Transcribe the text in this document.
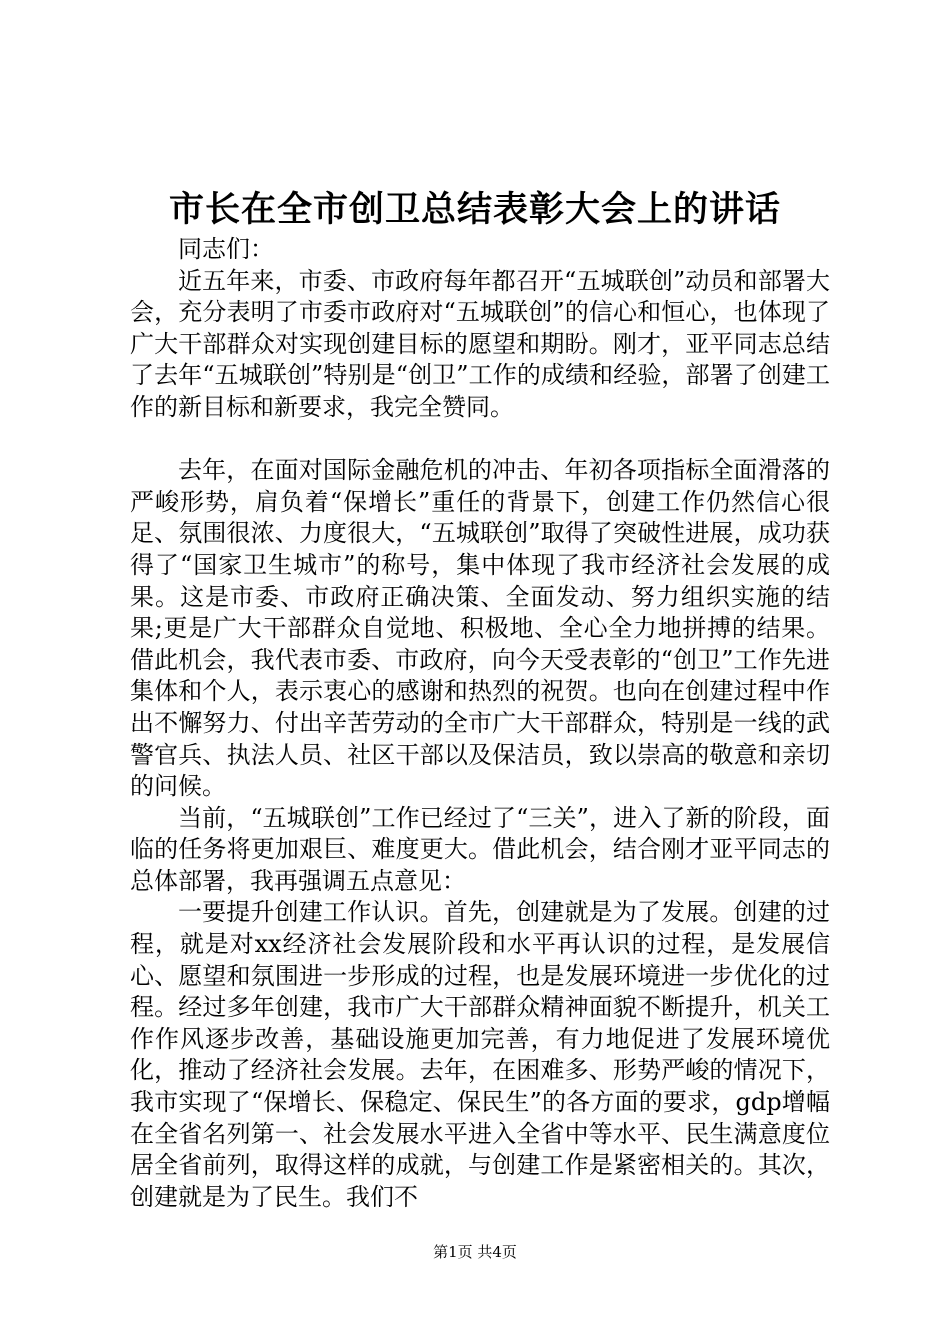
市长在全市创卫总结表彰大会上的讲话

同志们：

近五年来，市委、市政府每年都召开“五城联创”动员和部署大会，充分表明了市委市政府对“五城联创”的信心和恒心，也体现了广大干部群众对实现创建目标的愿望和期盼。刚才，亚平同志总结了去年“五城联创”特别是“创卫”工作的成绩和经验，部署了创建工作的新目标和新要求，我完全赞同。

去年，在面对国际金融危机的冲击、年初各项指标全面滑落的严峻形势，肩负着“保增长”重任的背景下，创建工作仍然信心很足、氛围很浓、力度很大，“五城联创”取得了突破性进展，成功获得了“国家卫生城市”的称号，集中体现了我市经济社会发展的成果。这是市委、市政府正确决策、全面发动、努力组织实施的结果;更是广大干部群众自觉地、积极地、全心全力地拼搏的结果。借此机会，我代表市委、市政府，向今天受表彰的“创卫”工作先进集体和个人，表示衷心的感谢和热烈的祝贺。也向在创建过程中作出不懈努力、付出辛苦劳动的全市广大干部群众，特别是一线的武警官兵、执法人员、社区干部以及保洁员，致以崇高的敬意和亲切的问候。

当前，“五城联创”工作已经过了“三关”，进入了新的阶段，面临的任务将更加艰巨、难度更大。借此机会，结合刚才亚平同志的总体部署，我再强调五点意见：

一要提升创建工作认识。首先，创建就是为了发展。创建的过程，就是对xx经济社会发展阶段和水平再认识的过程，是发展信心、愿望和氛围进一步形成的过程，也是发展环境进一步优化的过程。经过多年创建，我市广大干部群众精神面貌不断提升，机关工作作风逐步改善，基础设施更加完善，有力地促进了发展环境优化，推动了经济社会发展。去年，在困难多、形势严峻的情况下，我市实现了“保增长、保稳定、保民生”的各方面的要求，gdp增幅在全省名列第一、社会发展水平进入全省中等水平、民生满意度位居全省前列，取得这样的成就，与创建工作是紧密相关的。其次，创建就是为了民生。我们不

第1页 共4页
